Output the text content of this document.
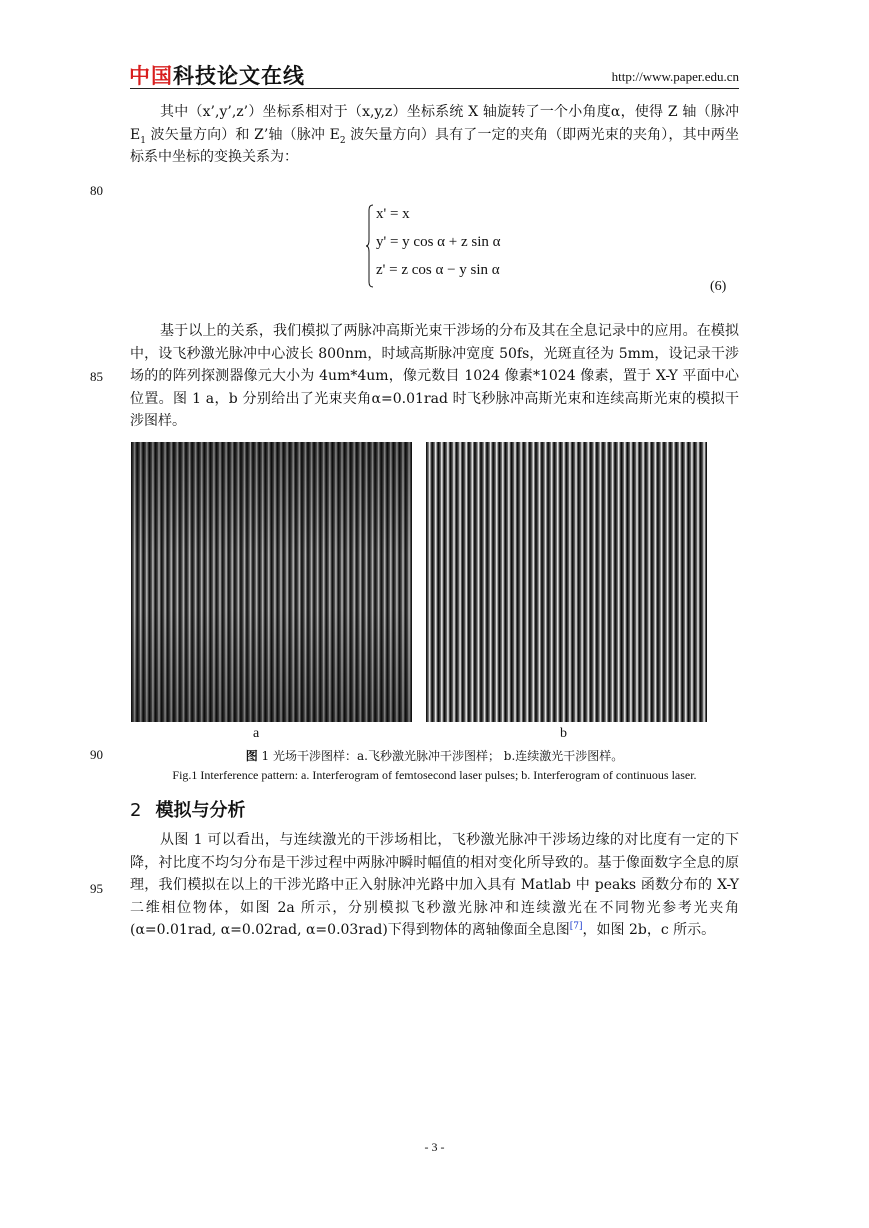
中国科技论文在线	http://www.paper.edu.cn

其中（x’,y’,z’）坐标系相对于（x,y,z）坐标系统 X 轴旋转了一个小角度α，使得 Z 轴（脉冲 $E_1$ 波矢量方向）和 Z’轴（脉冲 $E_2$ 波矢量方向）具有了一定的夹角（即两光束的夹角），其中两坐标系中坐标的变换关系为：

80
85
90
95
x' = x
y' = y cos α + z sin α
z' = z cos α − y sin α
(6)

基于以上的关系，我们模拟了两脉冲高斯光束干涉场的分布及其在全息记录中的应用。在模拟中，设飞秒激光脉冲中心波长 800nm，时域高斯脉冲宽度 50fs，光斑直径为 5mm，设记录干涉场的的阵列探测器像元大小为 4um*4um，像元数目 1024 像素*1024 像素，置于 X-Y 平面中心位置。图 1 a，b 分别给出了光束夹角α=0.01rad 时飞秒脉冲高斯光束和连续高斯光束的模拟干涉图样。

a	b
图 1 光场干涉图样：a.飞秒激光脉冲干涉图样； b.连续激光干涉图样。
Fig.1 Interference pattern: a. Interferogram of femtosecond laser pulses; b. Interferogram of continuous laser.
2 模拟与分析

从图 1 可以看出，与连续激光的干涉场相比，飞秒激光脉冲干涉场边缘的对比度有一定的下降，衬比度不均匀分布是干涉过程中两脉冲瞬时幅值的相对变化所导致的。基于像面数字全息的原理，我们模拟在以上的干涉光路中正入射脉冲光路中加入具有 Matlab 中 peaks 函数分布的 X-Y 二维相位物体，如图 2a 所示，分别模拟飞秒激光脉冲和连续激光在不同物光参考光夹角(α=0.01rad, α=0.02rad, α=0.03rad)下得到物体的离轴像面全息图[7]，如图 2b，c 所示。

- 3 -
